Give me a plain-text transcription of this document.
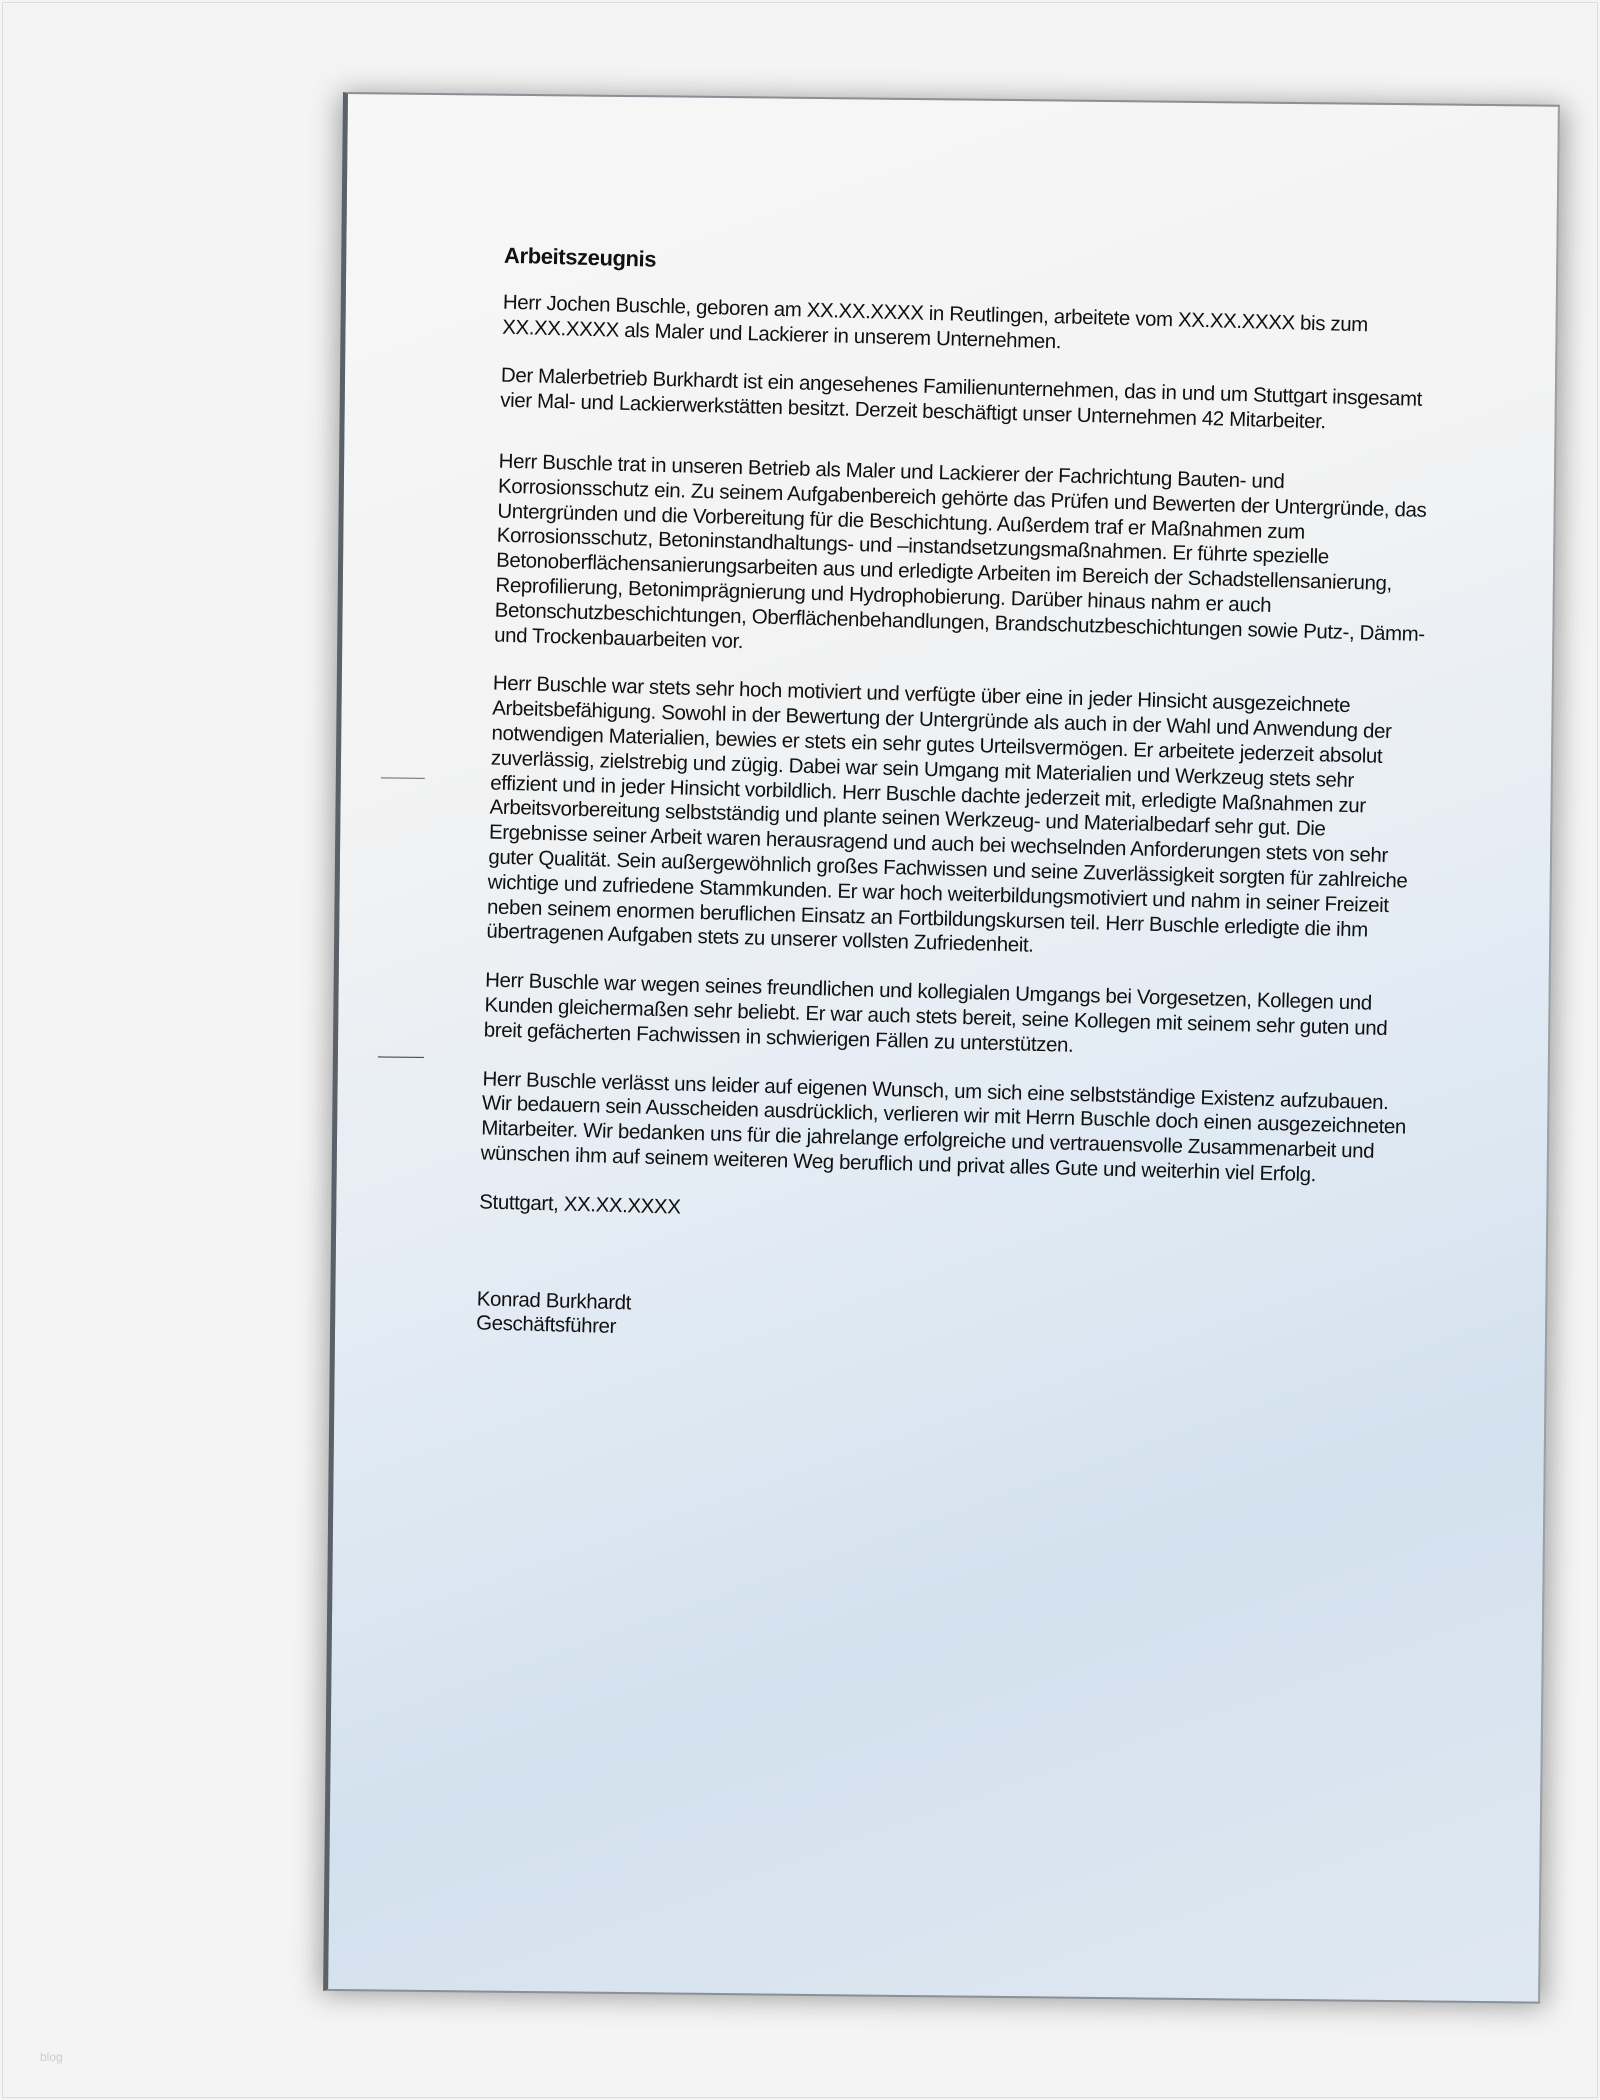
Arbeitszeugnis

Herr Jochen Buschle, geboren am XX.XX.XXXX in Reutlingen, arbeitete vom XX.XX.XXXX bis zum XX.XX.XXXX als Maler und Lackierer in unserem Unternehmen.

Der Malerbetrieb Burkhardt ist ein angesehenes Familienunternehmen, das in und um Stuttgart insgesamt vier Mal- und Lackierwerkstätten besitzt. Derzeit beschäftigt unser Unternehmen 42 Mitarbeiter.

Herr Buschle trat in unseren Betrieb als Maler und Lackierer der Fachrichtung Bauten- und Korrosionsschutz ein. Zu seinem Aufgabenbereich gehörte das Prüfen und Bewerten der Untergründe, das Untergründen und die Vorbereitung für die Beschichtung. Außerdem traf er Maßnahmen zum Korrosionsschutz, Betoninstandhaltungs- und –instandsetzungsmaßnahmen. Er führte spezielle Betonoberflächensanierungsarbeiten aus und erledigte Arbeiten im Bereich der Schadstellensanierung, Reprofilierung, Betonimprägnierung und Hydrophobierung. Darüber hinaus nahm er auch Betonschutzbeschichtungen, Oberflächenbehandlungen, Brandschutzbeschichtungen sowie Putz-, Dämm- und Trockenbauarbeiten vor.

Herr Buschle war stets sehr hoch motiviert und verfügte über eine in jeder Hinsicht ausgezeichnete Arbeitsbefähigung. Sowohl in der Bewertung der Untergründe als auch in der Wahl und Anwendung der notwendigen Materialien, bewies er stets ein sehr gutes Urteilsvermögen. Er arbeitete jederzeit absolut zuverlässig, zielstrebig und zügig. Dabei war sein Umgang mit Materialien und Werkzeug stets sehr effizient und in jeder Hinsicht vorbildlich. Herr Buschle dachte jederzeit mit, erledigte Maßnahmen zur Arbeitsvorbereitung selbstständig und plante seinen Werkzeug- und Materialbedarf sehr gut. Die Ergebnisse seiner Arbeit waren herausragend und auch bei wechselnden Anforderungen stets von sehr guter Qualität. Sein außergewöhnlich großes Fachwissen und seine Zuverlässigkeit sorgten für zahlreiche wichtige und zufriedene Stammkunden. Er war hoch weiterbildungsmotiviert und nahm in seiner Freizeit neben seinem enormen beruflichen Einsatz an Fortbildungskursen teil. Herr Buschle erledigte die ihm übertragenen Aufgaben stets zu unserer vollsten Zufriedenheit.

Herr Buschle war wegen seines freundlichen und kollegialen Umgangs bei Vorgesetzen, Kollegen und Kunden gleichermaßen sehr beliebt. Er war auch stets bereit, seine Kollegen mit seinem sehr guten und breit gefächerten Fachwissen in schwierigen Fällen zu unterstützen.

Herr Buschle verlässt uns leider auf eigenen Wunsch, um sich eine selbstständige Existenz aufzubauen. Wir bedauern sein Ausscheiden ausdrücklich, verlieren wir mit Herrn Buschle doch einen ausgezeichneten Mitarbeiter. Wir bedanken uns für die jahrelange erfolgreiche und vertrauensvolle Zusammenarbeit und wünschen ihm auf seinem weiteren Weg beruflich und privat alles Gute und weiterhin viel Erfolg.

Stuttgart, XX.XX.XXXX

Konrad Burkhardt
Geschäftsführer
blog
